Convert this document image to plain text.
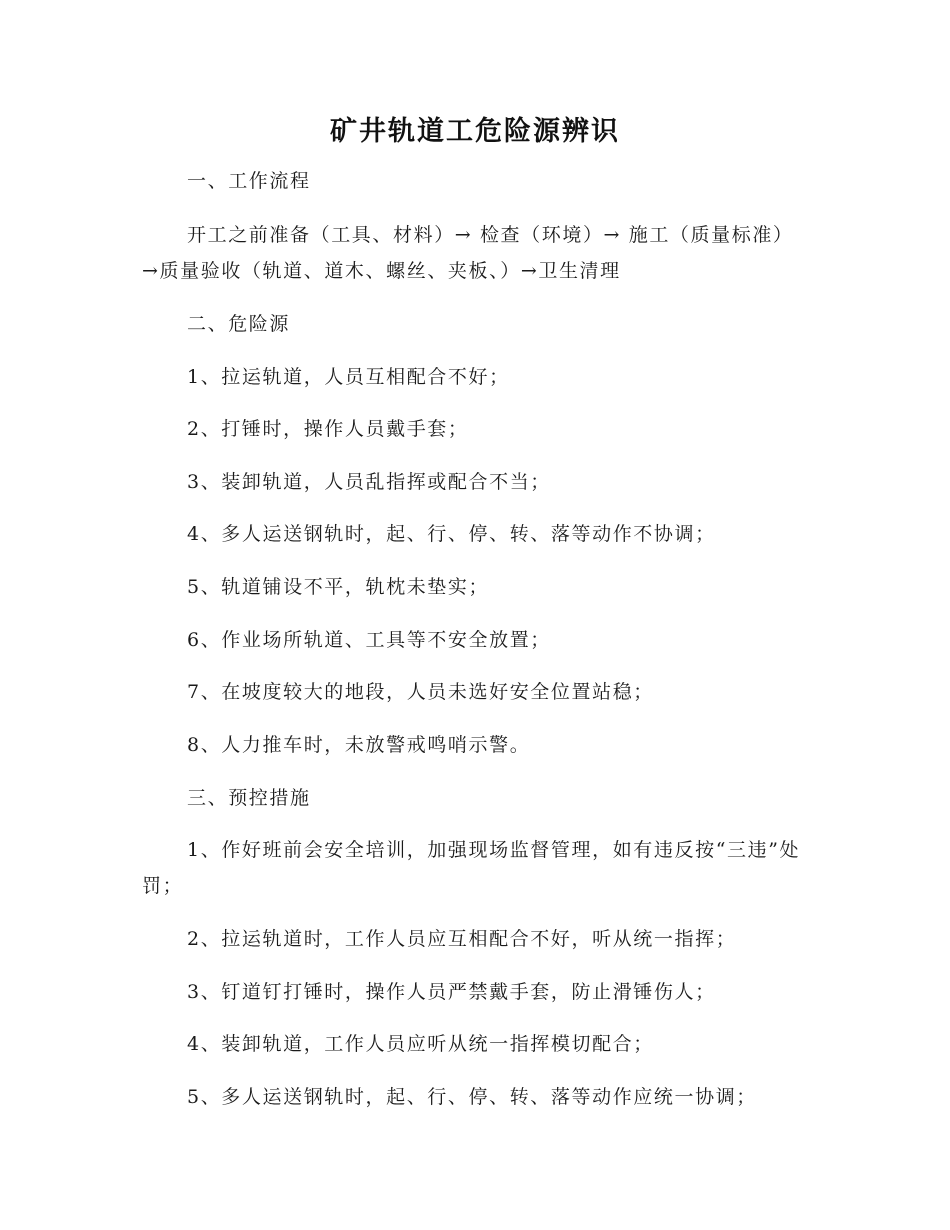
矿井轨道工危险源辨识

一、工作流程

开工之前准备（工具、材料）→ 检查（环境）→ 施工（质量标准）→质量验收（轨道、道木、螺丝、夹板、）→卫生清理

二、危险源

1、拉运轨道，人员互相配合不好；

2、打锤时，操作人员戴手套；

3、装卸轨道，人员乱指挥或配合不当；

4、多人运送钢轨时，起、行、停、转、落等动作不协调；

5、轨道铺设不平，轨枕未垫实；

6、作业场所轨道、工具等不安全放置；

7、在坡度较大的地段，人员未选好安全位置站稳；

8、人力推车时，未放警戒鸣哨示警。

三、预控措施

1、作好班前会安全培训，加强现场监督管理，如有违反按“三违”处罚；

2、拉运轨道时，工作人员应互相配合不好，听从统一指挥；

3、钉道钉打锤时，操作人员严禁戴手套，防止滑锤伤人；

4、装卸轨道，工作人员应听从统一指挥模切配合；

5、多人运送钢轨时，起、行、停、转、落等动作应统一协调；
